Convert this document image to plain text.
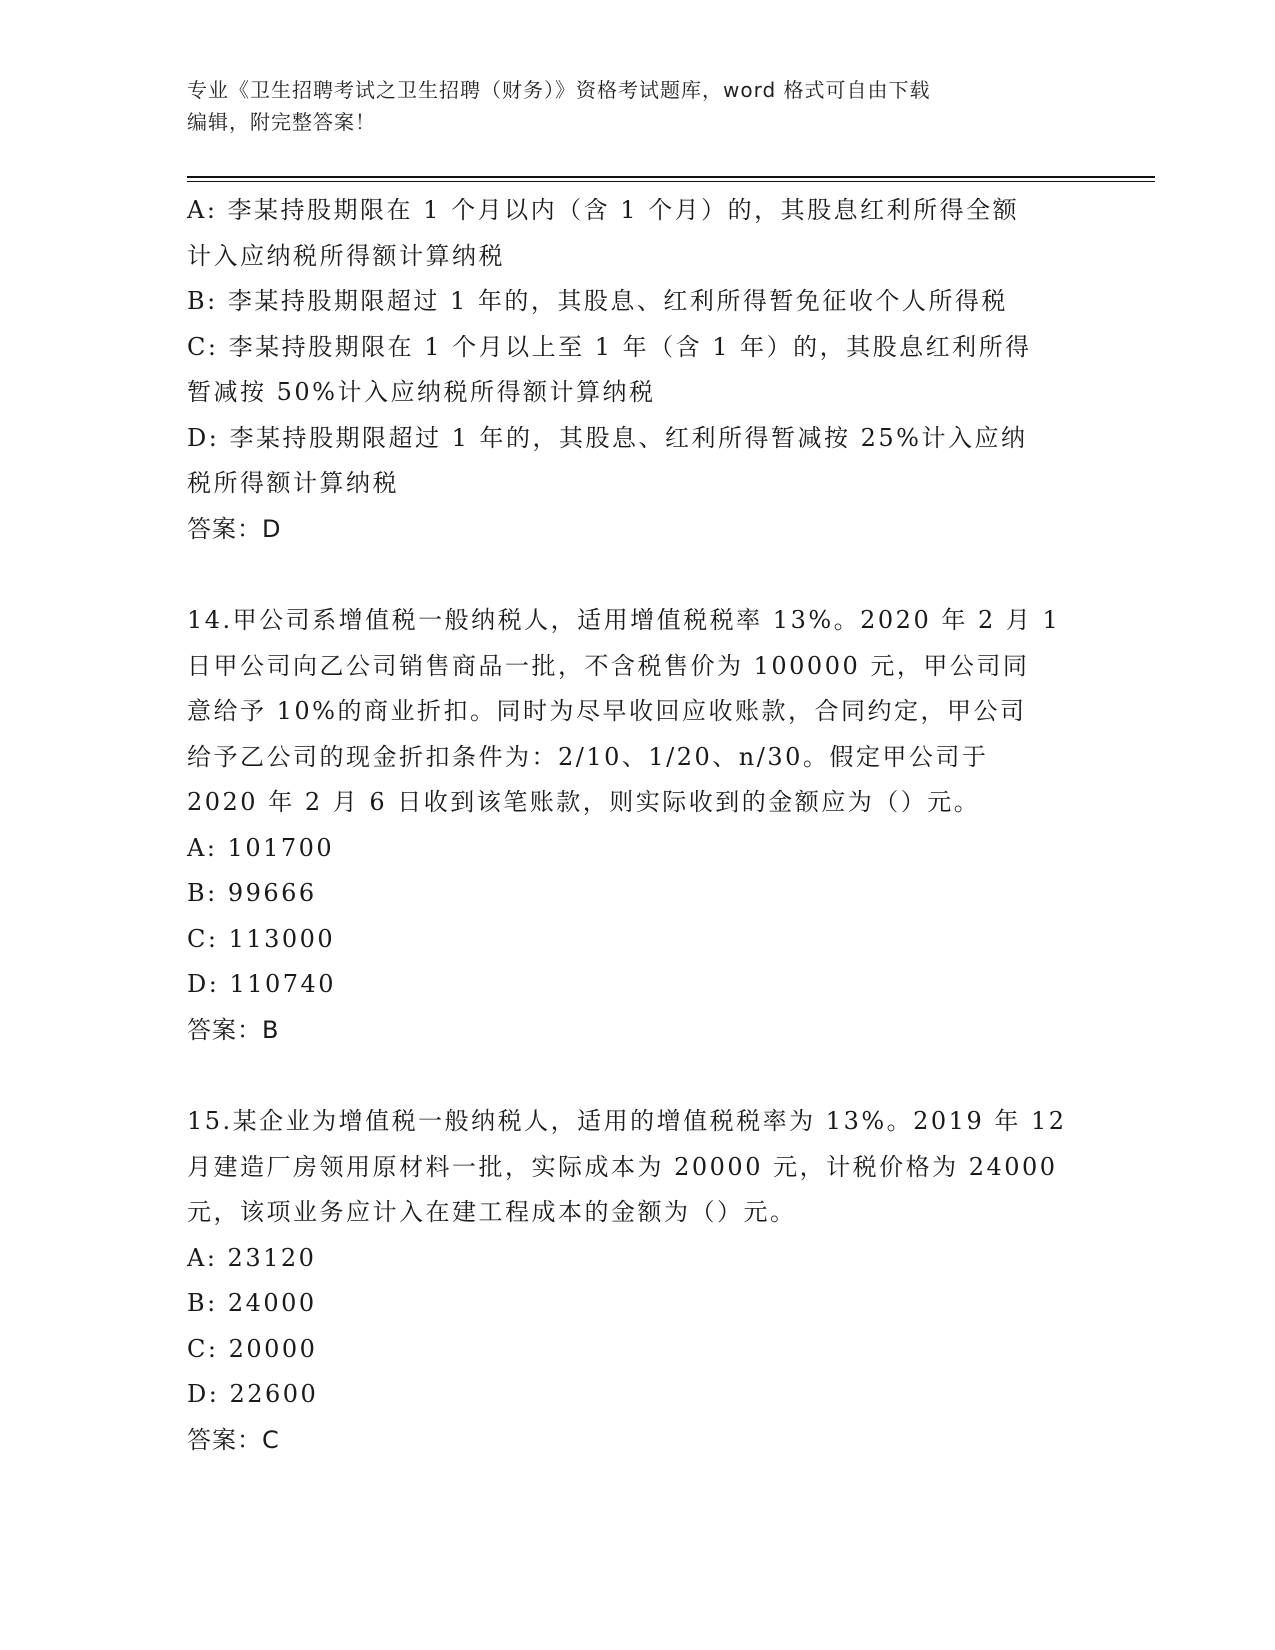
专业《卫生招聘考试之卫生招聘（财务）》资格考试题库，word 格式可自由下载
编辑，附完整答案！
A: 李某持股期限在 1 个月以内（含 1 个月）的，其股息红利所得全额
计入应纳税所得额计算纳税
B: 李某持股期限超过 1 年的，其股息、红利所得暂免征收个人所得税
C: 李某持股期限在 1 个月以上至 1 年（含 1 年）的，其股息红利所得
暂减按 50%计入应纳税所得额计算纳税
D: 李某持股期限超过 1 年的，其股息、红利所得暂减按 25%计入应纳
税所得额计算纳税
答案：D
14.甲公司系增值税一般纳税人，适用增值税税率 13%。2020 年 2 月 1
日甲公司向乙公司销售商品一批，不含税售价为 100000 元，甲公司同
意给予 10%的商业折扣。同时为尽早收回应收账款，合同约定，甲公司
给予乙公司的现金折扣条件为：2/10、1/20、n/30。假定甲公司于
2020 年 2 月 6 日收到该笔账款，则实际收到的金额应为（）元。
A: 101700
B: 99666
C: 113000
D: 110740
答案：B
15.某企业为增值税一般纳税人，适用的增值税税率为 13%。2019 年 12
月建造厂房领用原材料一批，实际成本为 20000 元，计税价格为 24000
元，该项业务应计入在建工程成本的金额为（）元。
A: 23120
B: 24000
C: 20000
D: 22600
答案：C
